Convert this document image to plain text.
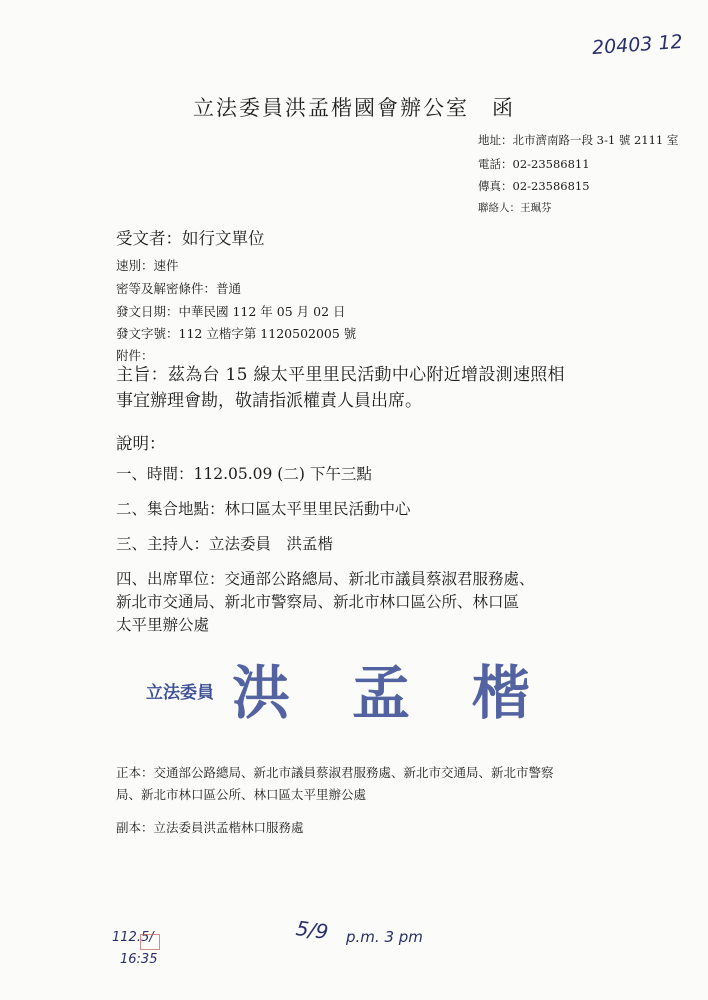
20403 12
立法委員洪孟楷國會辦公室　函
地址：北市濟南路一段 3-1 號 2111 室
電話：02-23586811
傳真：02-23586815
聯絡人：王珮芬
受文者：如行文單位
速別：速件
密等及解密條件：普通
發文日期：中華民國 112 年 05 月 02 日
發文字號：112 立楷字第 1120502005 號
附件：
主旨：茲為台 15 線太平里里民活動中心附近增設測速照相
事宜辦理會勘，敬請指派權責人員出席。
說明：
一、時間：112.05.09 (二) 下午三點
二、集合地點：林口區太平里里民活動中心
三、主持人：立法委員　洪孟楷
四、出席單位：交通部公路總局、新北市議員蔡淑君服務處、
新北市交通局、新北市警察局、新北市林口區公所、林口區
太平里辦公處
立法委員 洪　孟　楷
正本：交通部公路總局、新北市議員蔡淑君服務處、新北市交通局、新北市警察
局、新北市林口區公所、林口區太平里辦公處
副本：立法委員洪孟楷林口服務處
112.5/
16:35
5/9 p.m. 3 pm
